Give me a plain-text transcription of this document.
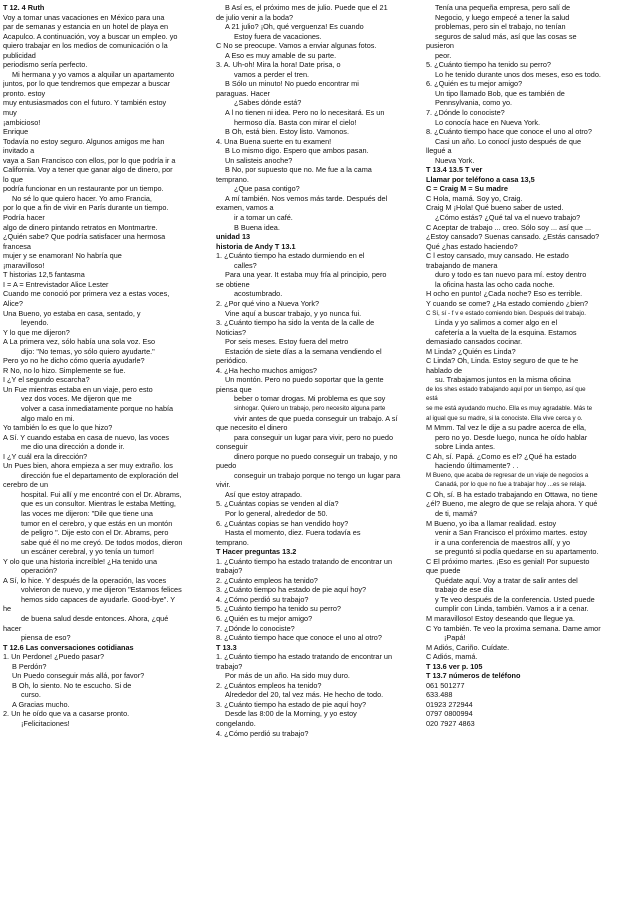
T 12. 4 Ruth
Voy a tomar unas vacaciones en México para una
par de semanas y estancia en un hotel de playa en
Acapulco. A continuación, voy a buscar un empleo. yo
quiero trabajar en los medios de comunicación o la
publicidad
periodismo sería perfecto.
Mi hermana y yo vamos a alquilar un apartamento
juntos, por lo que tendremos que empezar a buscar
pronto. estoy
muy entusiasmados con el futuro. Y también estoy
muy
¡ambicioso!
Enrique
Todavía no estoy seguro. Algunos amigos me han
invitado a
vaya a San Francisco con ellos, por lo que podría ir a
California. Voy a tener que ganar algo de dinero, por
lo que
podría funcionar en un restaurante por un tiempo.
No sé lo que quiero hacer. Yo amo Francia,
por lo que a fin de vivir en París durante un tiempo.
Podría hacer
algo de dinero pintando retratos en Montmartre.
¿Quién sabe? Que podría satisfacer una hermosa
francesa
mujer y se enamoran! No habría que
¡maravilloso!
T historias 12,5 fantasma
I = A = Entrevistador Alice Lester
Cuando me conoció por primera vez a estas voces,
Alice?
Una Bueno, yo estaba en casa, sentado, y
leyendo.
Y lo que me dijeron?
A La primera vez, sólo había una sola voz. Eso
dijo: "No temas, yo sólo quiero ayudarte."
Pero yo no he dicho cómo quería ayudarle?
R No, no lo hizo. Simplemente se fue.
I ¿Y el segundo escarcha?
Un Fue mientras estaba en un viaje, pero esto
vez dos voces. Me dijeron que me
volver a casa inmediatamente porque no había
algo malo en mi.
Yo también lo es que lo que hizo?
A Sí. Y cuando estaba en casa de nuevo, las voces
me dio una dirección a donde ir.
I ¿Y cuál era la dirección?
Un Pues bien, ahora empieza a ser muy extraño. los
dirección fue el departamento de exploración del
cerebro de un
hospital. Fui allí y me encontré con el Dr. Abrams,
que es un consultor. Mientras le estaba Metting,
las voces me dijeron: "Dile que tiene una
tumor en el cerebro, y que estás en un montón
de peligro ". Dije esto con el Dr. Abrams, pero
sabe qué él no me creyó. De todos modos, dieron
un escáner cerebral, y yo tenía un tumor!
Y olo que una historia increíble! ¿Ha tenido una
operación?
A Sí, lo hice. Y después de la operación, las voces
volvieron de nuevo, y me dijeron "Estamos felices
hemos sido capaces de ayudarle. Good-bye". Y
he
de buena salud desde entonces. Ahora, ¿qué
hacer
piensa de eso?
T 12.6 Las conversaciones cotidianas
1. Un Perdone! ¿Puedo pasar?
B Perdón?
Un Puedo conseguir más allá, por favor?
B Oh, lo siento. No te escucho. Si de
curso.
A Gracias mucho.
2. Un he oído que va a casarse pronto.
¡Felicitaciones!
B Así es, el próximo mes de julio. Puede que el 21
de julio venir a la boda?
A 21 julio? ¡Oh, qué verguenza! Es cuando
Estoy fuera de vacaciones.
C No se preocupe. Vamos a enviar algunas fotos.
A Eso es muy amable de su parte.
3. A. Uh-oh! Mira la hora! Date prisa, o
vamos a perder el tren.
B Sólo un minuto! No puedo encontrar mi
paraguas. Hacer
¿Sabes dónde está?
A l no tienen ni idea. Pero no lo necesitará. Es un
hermoso día. Basta con mirar el cielo!
B Oh, está bien. Estoy listo. Vamonos.
4. Una Buena suerte en tu examen!
B Lo mismo digo. Espero que ambos pasan.
Un salisteis anoche?
B No, por supuesto que no. Me fue a la cama
temprano.
¿Que pasa contigo?
A mí también. Nos vemos más tarde. Después del
examen, vamos a
ir a tomar un café.
B Buena idea.
unidad 13
historia de Andy T 13.1
1. ¿Cuánto tiempo ha estado durmiendo en el
calles?
Para una year. It estaba muy fría al principio, pero
se obtiene
acostumbrado.
2. ¿Por qué vino a Nueva York?
Vine aquí a buscar trabajo, y yo nunca fui.
3. ¿Cuánto tiempo ha sido la venta de la calle de
Noticias?
Por seis meses. Estoy fuera del metro
Estación de siete días a la semana vendiendo el
periódico.
4. ¿Ha hecho muchos amigos?
Un montón. Pero no puedo soportar que la gente
piensa que
beber o tomar drogas. Mi problema es que soy
sinhogar. Quiero un trabajo, pero necesito alguna parte
vivir antes de que pueda conseguir un trabajo. A sí
que necesito el dinero
para conseguir un lugar para vivir, pero no puedo
conseguir
dinero porque no puedo conseguir un trabajo, y no
puedo
conseguir un trabajo porque no tengo un lugar para
vivir.
Así que estoy atrapado.
5. ¿Cuántas copias se venden al día?
Por lo general, alrededor de 50.
6. ¿Cuántas copias se han vendido hoy?
Hasta el momento, diez. Fuera todavía es
temprano.
T Hacer preguntas 13.2
1. ¿Cuánto tiempo ha estado tratando de encontrar un
trabajo?
2. ¿Cuánto empleos ha tenido?
3. ¿Cuánto tiempo ha estado de pie aquí hoy?
4. ¿Cómo perdió su trabajo?
5. ¿Cuánto tiempo ha tenido su perro?
6. ¿Quién es tu mejor amigo?
7. ¿Dónde lo conociste?
8. ¿Cuánto tiempo hace que conoce el uno al otro?
T 13.3
1. ¿Cuánto tiempo ha estado tratando de encontrar un
trabajo?
Por más de un año. Ha sido muy duro.
2. ¿Cuántos empleos ha tenido?
Alrededor del 20, tal vez más. He hecho de todo.
3. ¿Cuánto tiempo ha estado de pie aquí hoy?
Desde las 8:00 de la Morning, y yo estoy
congelando.
4. ¿Cómo perdió su trabajo?
Tenía una pequeña empresa, pero salí de
Negocio, y luego empecé a tener la salud
problemas, pero sin el trabajo, no tenían
seguros de salud más, así que las cosas se
pusieron
peor.
5. ¿Cuánto tiempo ha tenido su perro?
Lo he tenido durante unos dos meses, eso es todo.
6. ¿Quién es tu mejor amigo?
Un tipo llamado Bob, que es también de
Pennsylvania, como yo.
7. ¿Dónde lo conociste?
Lo conocía hace en Nueva York.
8. ¿Cuánto tiempo hace que conoce el uno al otro?
Casi un año. Lo conocí justo después de que
llegué a
Nueva York.
T 13.4 13.5 T ver
Llamar por teléfono a casa 13,5
C = Craig M = Su madre
C Hola, mamá. Soy yo, Craig.
Craig M ¡Hola! Qué bueno saber de usted.
¿Cómo estás? ¿Qué tal va el nuevo trabajo?
C Aceptar de trabajo ... creo. Sólo soy ... así que ...
¿Estoy cansado? Suenas cansado. ¿Estás cansado?
Qué ¿has estado haciendo?
C l estoy cansado, muy cansado. He estado
trabajando de manera
duro y todo es tan nuevo para mí. estoy dentro
la oficina hasta las ocho cada noche.
H ocho en punto! ¿Cada noche? Eso es terrible.
Y cuando se come? ¿Ha estado comiendo ¿bien?
C Sí, sí - f v e estado comiendo bien. Después del trabajo.
Linda y yo salimos a comer algo en el
cafetería a la vuelta de la esquina. Estamos
demasiado cansados cocinar.
M Linda? ¿Quién es Linda?
C Linda? Oh, Linda. Estoy seguro de que te he
hablado de
su. Trabajamos juntos en la misma oficina
de los shes estado trabajando aquí por un tiempo, así que
está
se me está ayudando mucho. Ella es muy agradable. Más te
al igual que su madre, si la conociste. Ella vive cerca y o.
M Mmm. Tal vez le dije a su padre acerca de ella,
pero no yo. Desde luego, nunca he oído hablar
sobre Linda antes.
C Ah, sí. Papá. ¿Como es el? ¿Qué ha estado
haciendo últimamente? . .
M Bueno, que acaba de regresar de un viaje de negocios a
Canadá, por lo que no fue a trabajar hoy ...es se relaja.
C Oh, sí. B ha estado trabajando en Ottawa, no tiene
¿él? Bueno, me alegro de que se relaja ahora. Y qué
de ti, mamá?
M Bueno, yo iba a llamar realidad. estoy
venir a San Francisco el próximo martes. estoy
ir a una conferencia de maestros allí, y yo
se preguntó si podía quedarse en su apartamento.
C El próximo martes. ¡Eso es genial! Por supuesto
que puede
Quédate aquí. Voy a tratar de salir antes del
trabajo de ese día
y Te veo después de la conferencia. Usted puede
cumplir con Linda, también. Vamos a ir a cenar.
M maravilloso! Estoy deseando que llegue ya.
C Yo también. Te veo la proxima semana. Dame amor
¡Papá!
M Adiós, Cariño. Cuídate.
C Adiós, mamá.
T 13.6 ver p. 105
T 13.7 números de teléfono
061 501277
633.488
01923 272944
0797 0800994
020 7927 4863
